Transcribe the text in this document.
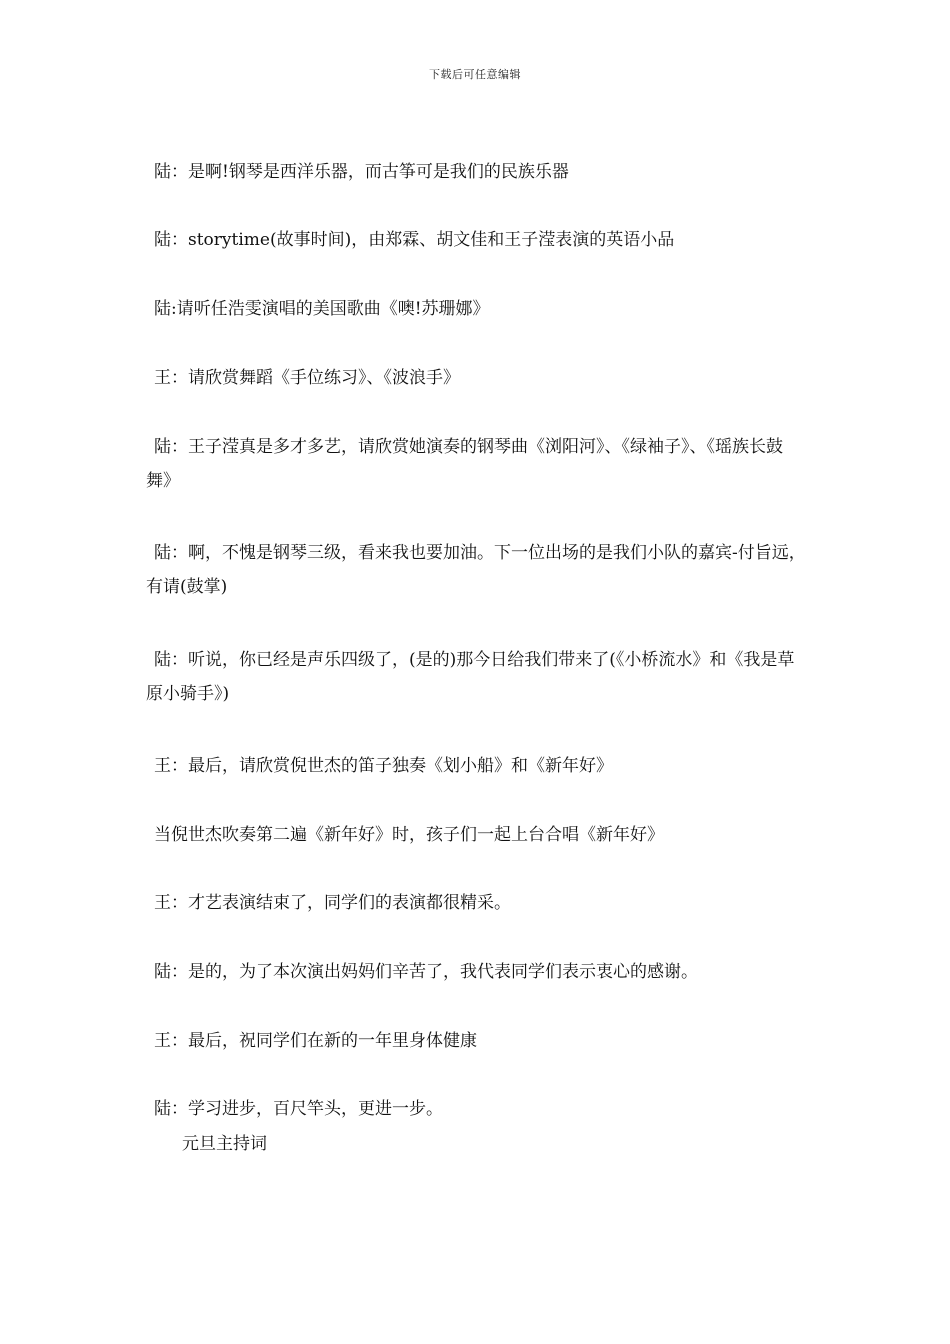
下载后可任意编辑
陆：是啊!钢琴是西洋乐器，而古筝可是我们的民族乐器
陆：storytime(故事时间)，由郑霖、胡文佳和王子滢表演的英语小品
陆:请听任浩雯演唱的美国歌曲《噢!苏珊娜》
王：请欣赏舞蹈《手位练习》、《波浪手》
陆：王子滢真是多才多艺，请欣赏她演奏的钢琴曲《浏阳河》、《绿袖子》、《瑶族长鼓舞》
陆：啊，不愧是钢琴三级，看来我也要加油。下一位出场的是我们小队的嘉宾-付旨远，有请(鼓掌)
陆：听说，你已经是声乐四级了，(是的)那今日给我们带来了(《小桥流水》和《我是草原小骑手》)
王：最后，请欣赏倪世杰的笛子独奏《划小船》和《新年好》
当倪世杰吹奏第二遍《新年好》时，孩子们一起上台合唱《新年好》
王：才艺表演结束了，同学们的表演都很精采。
陆：是的，为了本次演出妈妈们辛苦了，我代表同学们表示衷心的感谢。
王：最后，祝同学们在新的一年里身体健康
陆：学习进步，百尺竿头，更进一步。
元旦主持词
